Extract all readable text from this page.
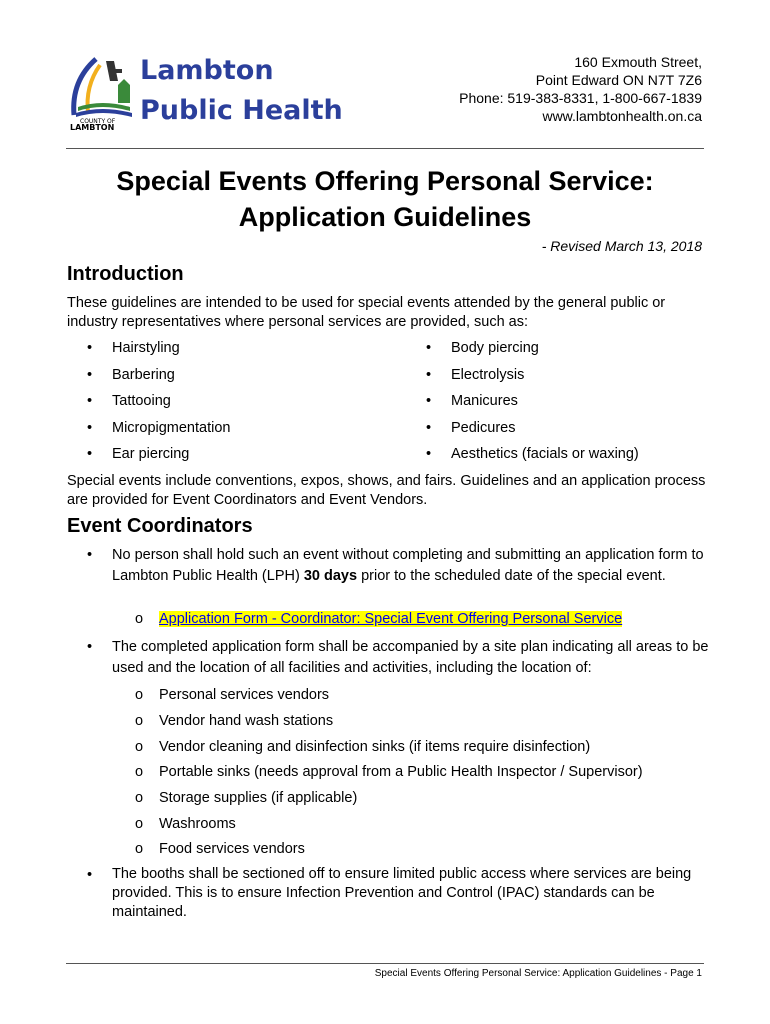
COUNTY OF
LAMBTON
Lambton
Public Health
160 Exmouth Street,
Point Edward ON N7T 7Z6
Phone: 519-383-8331, 1-800-667-1839
www.lambtonhealth.on.ca
Special Events Offering Personal Service:
Application Guidelines
- Revised March 13, 2018
Introduction
These guidelines are intended to be used for special events attended by the general public or industry representatives where personal services are provided, such as:
• Hairstyling
• Barbering
• Tattooing
• Micropigmentation
• Ear piercing
• Body piercing
• Electrolysis
• Manicures
• Pedicures
• Aesthetics (facials or waxing)
Special events include conventions, expos, shows, and fairs. Guidelines and an application process are provided for Event Coordinators and Event Vendors.
Event Coordinators
• No person shall hold such an event without completing and submitting an application form to Lambton Public Health (LPH) 30 days prior to the scheduled date of the special event.
o Application Form - Coordinator: Special Event Offering Personal Service
The completed application form shall be accompanied by a site plan indicating all areas to be used and the location of all facilities and activities, including the location of:
•
o Personal services vendors
o Vendor hand wash stations
o Vendor cleaning and disinfection sinks (if items require disinfection)
o Portable sinks (needs approval from a Public Health Inspector / Supervisor)
o Storage supplies (if applicable)
o Washrooms
o Food services vendors
The booths shall be sectioned off to ensure limited public access where services are being provided. This is to ensure Infection Prevention and Control (IPAC) standards can be maintained.
•
Special Events Offering Personal Service: Application Guidelines - Page 1
